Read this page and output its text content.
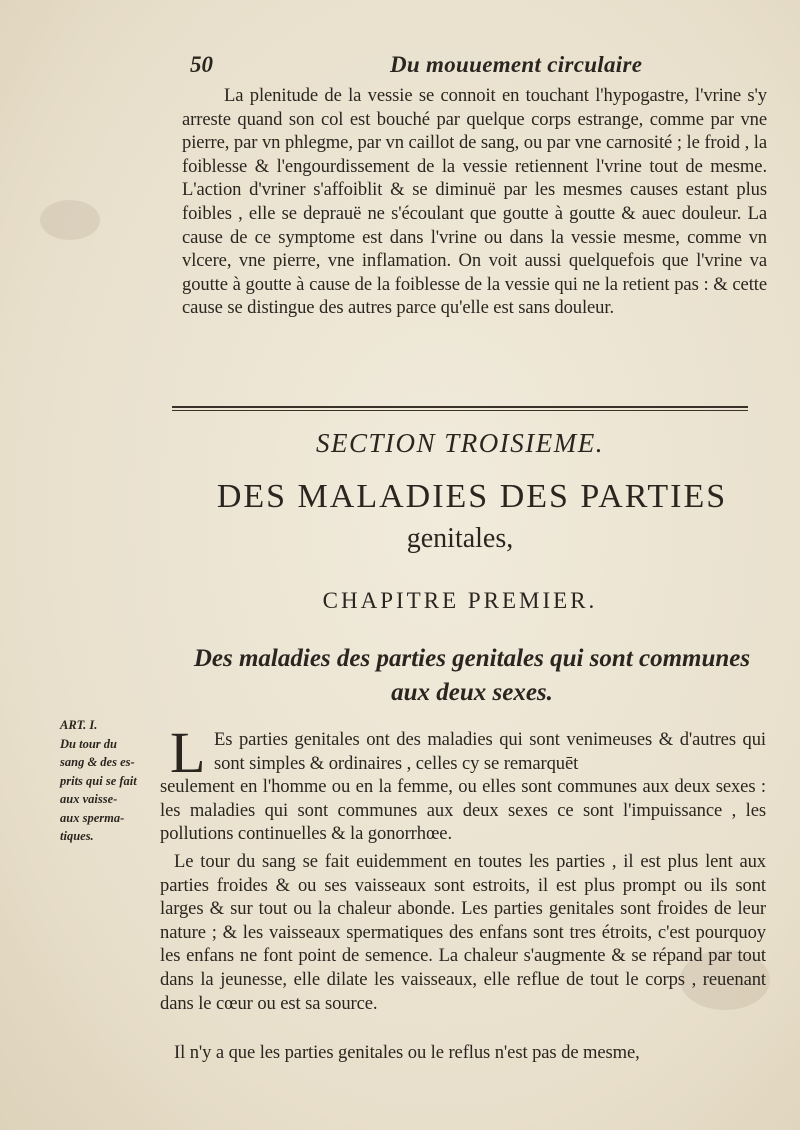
50	Du mouuement circulaire
La plenitude de la vessie se connoit en touchant l'hypogastre, l'vrine s'y arreste quand son col est bouché par quelque corps estrange, comme par vne pierre, par vn phlegme, par vn caillot de sang, ou par vne carnosité ; le froid , la foiblesse & l'engourdissement de la vessie retiennent l'vrine tout de mesme. L'action d'vriner s'affoiblit & se diminuë par les mesmes causes estant plus foibles , elle se deprauë ne s'écoulant que goutte à goutte & auec douleur. La cause de ce symptome est dans l'vrine ou dans la vessie mesme, comme vn vlcere, vne pierre, vne inflamation. On voit aussi quelquefois que l'vrine va goutte à goutte à cause de la foiblesse de la vessie qui ne la retient pas : & cette cause se distingue des autres parce qu'elle est sans douleur.
SECTION TROISIEME.
DES MALADIES DES PARTIES
genitales,
CHAPITRE PREMIER.
Des maladies des parties genitales qui sont communes aux deux sexes.
ART. I.
Du tour du
sang & des es-
prits qui se fait
aux vaisse-
aux sperma-
tiques.
L Es parties genitales ont des maladies qui sont venimeuses & d'autres qui sont simples & ordinaires , celles cy se remarquēt
seulement en l'homme ou en la femme, ou elles sont communes aux deux sexes : les maladies qui sont communes aux deux sexes ce sont l'impuissance , les pollutions continuelles & la gonorrhœe.
Le tour du sang se fait euidemment en toutes les parties , il est plus lent aux parties froides & ou ses vaisseaux sont estroits, il est plus prompt ou ils sont larges & sur tout ou la chaleur abonde. Les parties genitales sont froides de leur nature ; & les vaisseaux spermatiques des enfans sont tres étroits, c'est pourquoy les enfans ne font point de semence. La chaleur s'augmente & se répand par tout dans la jeunesse, elle dilate les vaisseaux, elle reflue de tout le corps , reuenant dans le cœur ou est sa source.
Il n'y a que les parties genitales ou le reflus n'est pas de mesme,
